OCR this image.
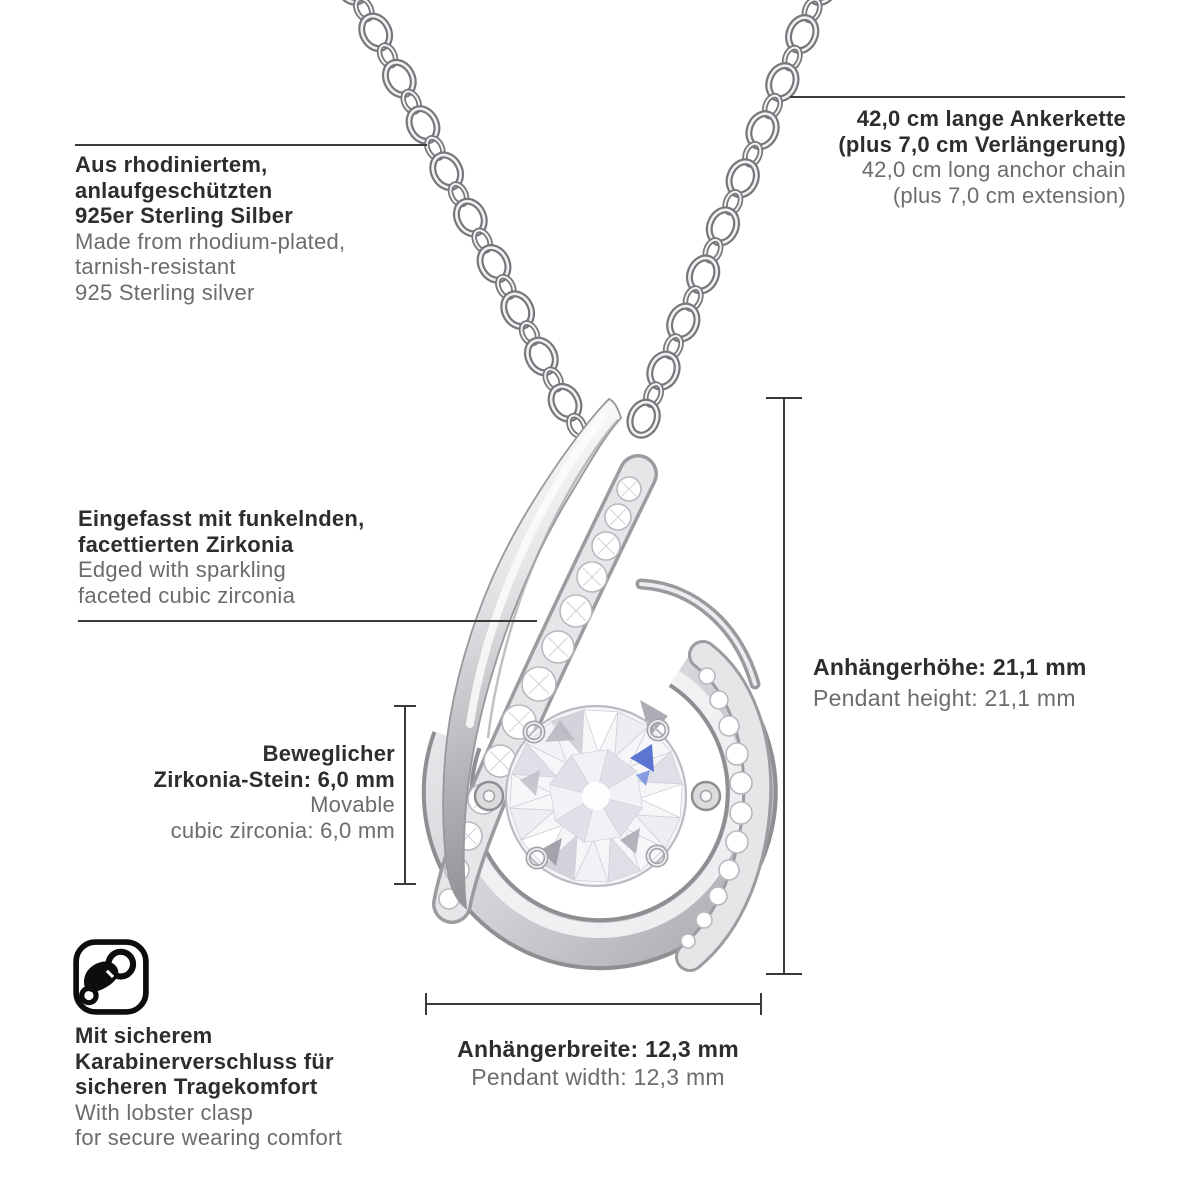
Aus rhodiniertem,
anlaufgeschützten
925er Sterling Silber
Made from rhodium-plated,
tarnish-resistant
925 Sterling silver
42,0 cm lange Ankerkette
(plus 7,0 cm Verlängerung)
42,0 cm long anchor chain
(plus 7,0 cm extension)
Eingefasst mit funkelnden,
facettierten Zirkonia
Edged with sparkling
faceted cubic zirconia
Anhängerhöhe: 21,1 mm
Pendant height: 21,1 mm
Beweglicher
Zirkonia-Stein: 6,0 mm
Movable
cubic zirconia: 6,0 mm
Mit sicherem
Karabinerverschluss für
sicheren Tragekomfort
With lobster clasp
for secure wearing comfort
Anhängerbreite: 12,3 mm
Pendant width: 12,3 mm
